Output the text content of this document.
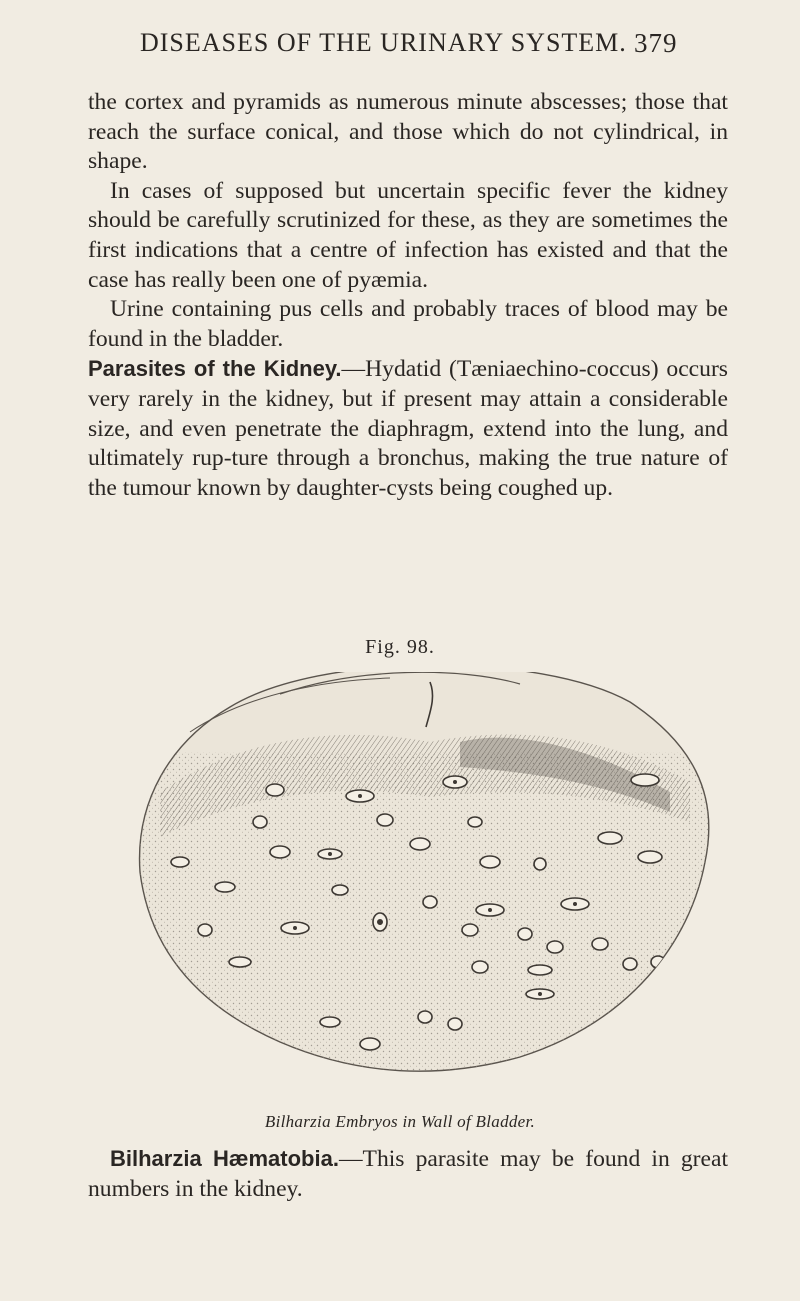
DISEASES OF THE URINARY SYSTEM. 379

the cortex and pyramids as numerous minute abscesses; those that reach the surface conical, and those which do not cylindrical, in shape.

In cases of supposed but uncertain specific fever the kidney should be carefully scrutinized for these, as they are sometimes the first indications that a centre of infection has existed and that the case has really been one of pyæmia.

Urine containing pus cells and probably traces of blood may be found in the bladder.

Parasites of the Kidney.—Hydatid (Tæniaechino-coccus) occurs very rarely in the kidney, but if present may attain a considerable size, and even penetrate the diaphragm, extend into the lung, and ultimately rup-ture through a bronchus, making the true nature of the tumour known by daughter-cysts being coughed up.

Fig. 98.
Bilharzia Embryos in Wall of Bladder.

Bilharzia Hæmatobia.—This parasite may be found in great numbers in the kidney.
